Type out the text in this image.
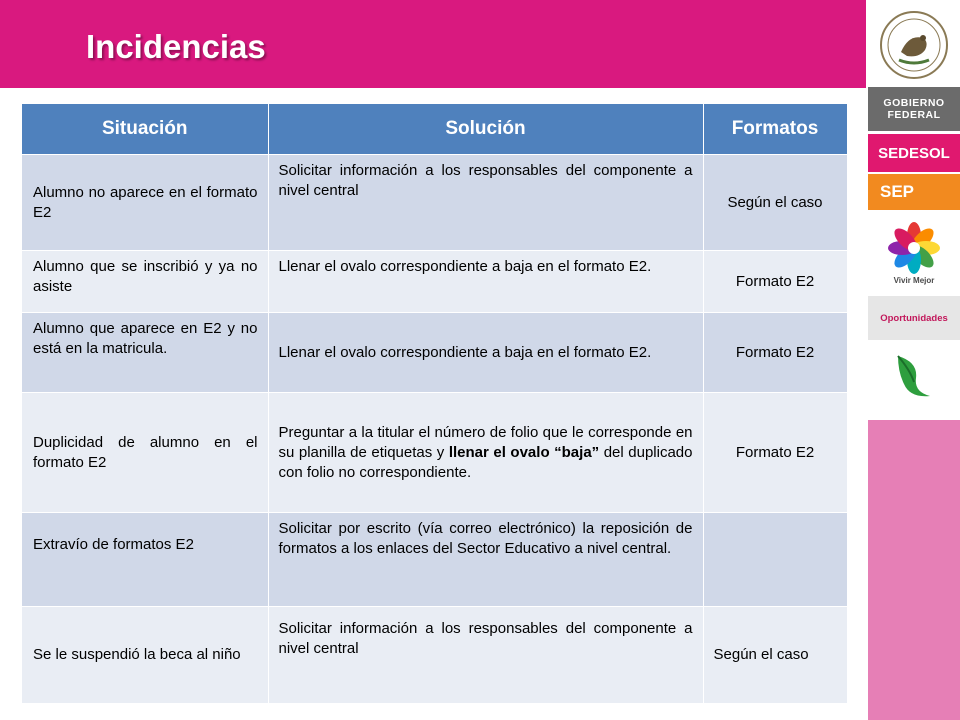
Incidencias
GOBIERNO
FEDERAL
SEDESOL
SEP
Vivir Mejor
Oportunidades
Situación	Solución	Formatos
Alumno no aparece en el formato E2	Solicitar información a los responsables del componente a nivel central	Según el caso
Alumno que se inscribió y ya no asiste	Llenar el ovalo correspondiente a baja en el formato E2.	Formato E2
Alumno que aparece en E2 y no está en la matricula.	Llenar el ovalo correspondiente a baja en el formato E2.	Formato E2
Duplicidad de alumno en el formato E2	Preguntar a la titular el número de folio que le corresponde en su planilla de etiquetas y llenar el ovalo “baja” del duplicado con folio no correspondiente.	Formato E2
Extravío de formatos E2	Solicitar por escrito (vía correo electrónico) la reposición de formatos a los enlaces del Sector Educativo a nivel central.	
Se le suspendió la beca al niño	Solicitar información a los responsables del componente a nivel central	Según el caso
